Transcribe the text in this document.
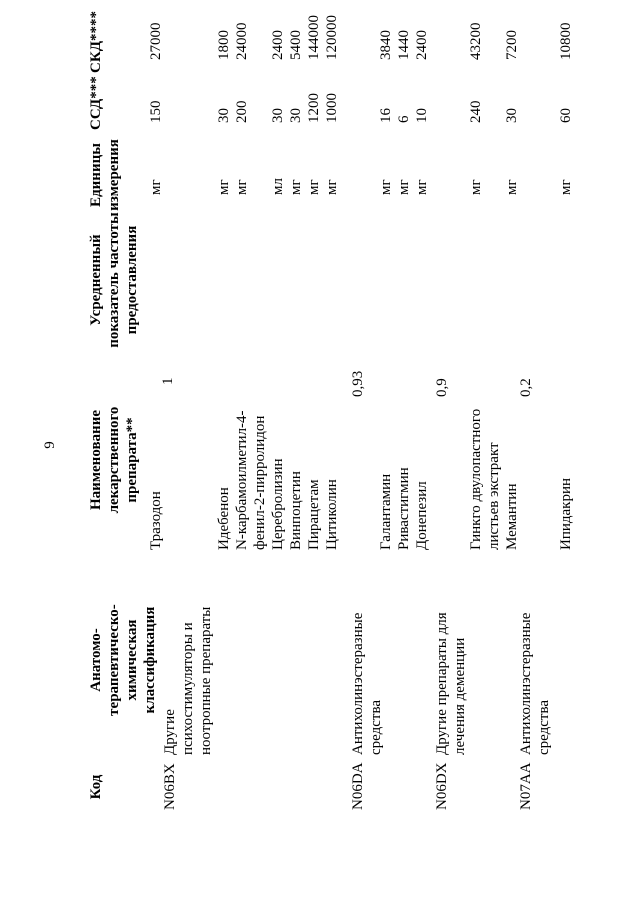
9
Код
Анатомо- терапевтическо- химическая классификация
Наименование лекарственного препарата**
Усредненный показатель частоты предоставления
Единицы измерения
ССД***
СКД****
Тразодон
1
мг
150
27000
N06BX
Другие психостимуляторы и ноотропные препараты
Идебенон N-карбамоилметил-4- фенил-2-пирролидон Церебролизин Винпоцетин Пирацетам Цитиколин
мг мг мл мг мг мг
30 200 30 30 1200 1000
1800 24000 2400 5400 144000 120000
N06DA
Антихолинэстеразные средства
0,93
Галантамин Ривастигмин Донепезил
мг мг мг
16 6 10
3840 1440 2400
N06DX
Другие препараты для лечения деменции
0,9
Гинкго двулопастного листьев экстракт Мемантин
мг мг
240 30
43200 7200
N07AA
Антихолинэстеразные средства
0,2
Ипидакрин
мг
60
10800
